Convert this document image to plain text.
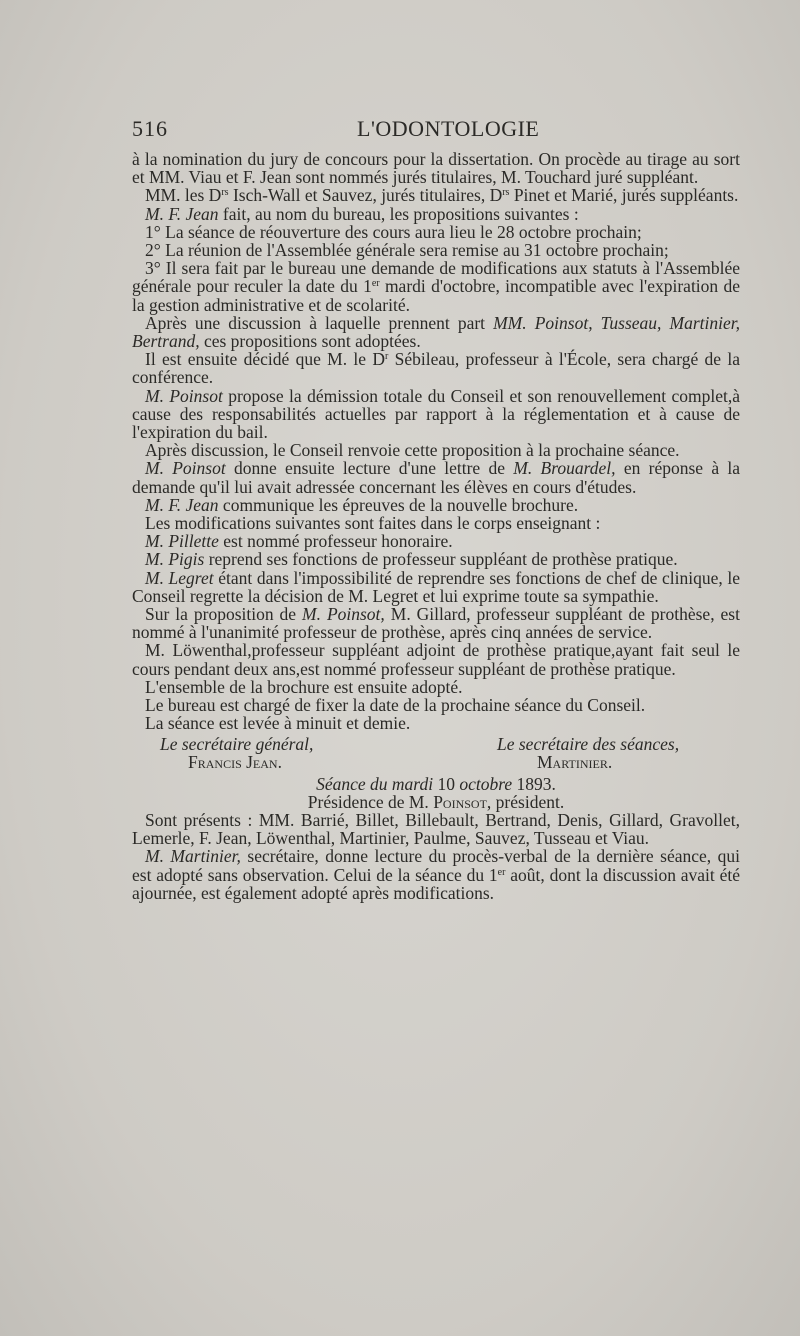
516	L'ODONTOLOGIE

à la nomination du jury de concours pour la dissertation. On procède au tirage au sort et MM. Viau et F. Jean sont nommés jurés titulaires, M. Touchard juré suppléant.

MM. les $D^{rs}$ Isch-Wall et Sauvez, jurés titulaires, $D^{rs}$ Pinet et Marié, jurés suppléants.

M. F. Jean fait, au nom du bureau, les propositions suivantes :

1° La séance de réouverture des cours aura lieu le 28 octobre prochain;

2° La réunion de l'Assemblée générale sera remise au 31 octobre prochain;

3° Il sera fait par le bureau une demande de modifications aux statuts à l'Assemblée générale pour reculer la date du 1er mardi d'octobre, incompatible avec l'expiration de la gestion administrative et de scolarité.

Après une discussion à laquelle prennent part MM. Poinsot, Tusseau, Martinier, Bertrand, ces propositions sont adoptées.

Il est ensuite décidé que M. le $D^r$ Sébileau, professeur à l'École, sera chargé de la conférence.

M. Poinsot propose la démission totale du Conseil et son renouvellement complet,à cause des responsabilités actuelles par rapport à la réglementation et à cause de l'expiration du bail.

Après discussion, le Conseil renvoie cette proposition à la prochaine séance.

M. Poinsot donne ensuite lecture d'une lettre de M. Brouardel, en réponse à la demande qu'il lui avait adressée concernant les élèves en cours d'études.

M. F. Jean communique les épreuves de la nouvelle brochure.

Les modifications suivantes sont faites dans le corps enseignant :

M. Pillette est nommé professeur honoraire.

M. Pigis reprend ses fonctions de professeur suppléant de prothèse pratique.

M. Legret étant dans l'impossibilité de reprendre ses fonctions de chef de clinique, le Conseil regrette la décision de M. Legret et lui exprime toute sa sympathie.

Sur la proposition de M. Poinsot, M. Gillard, professeur suppléant de prothèse, est nommé à l'unanimité professeur de prothèse, après cinq années de service.

M. Löwenthal,professeur suppléant adjoint de prothèse pratique,ayant fait seul le cours pendant deux ans,est nommé professeur suppléant de prothèse pratique.

L'ensemble de la brochure est ensuite adopté.

Le bureau est chargé de fixer la date de la prochaine séance du Conseil.

La séance est levée à minuit et demie.

Le secrétaire général,
Francis Jean.
Le secrétaire des séances,
Martinier.

Séance du mardi 10 octobre 1893.

Présidence de M. Poinsot, président.

Sont présents : MM. Barrié, Billet, Billebault, Bertrand, Denis, Gillard, Gravollet, Lemerle, F. Jean, Löwenthal, Martinier, Paulme, Sauvez, Tusseau et Viau.

M. Martinier, secrétaire, donne lecture du procès-verbal de la dernière séance, qui est adopté sans observation. Celui de la séance du 1er août, dont la discussion avait été ajournée, est également adopté après modifications.
